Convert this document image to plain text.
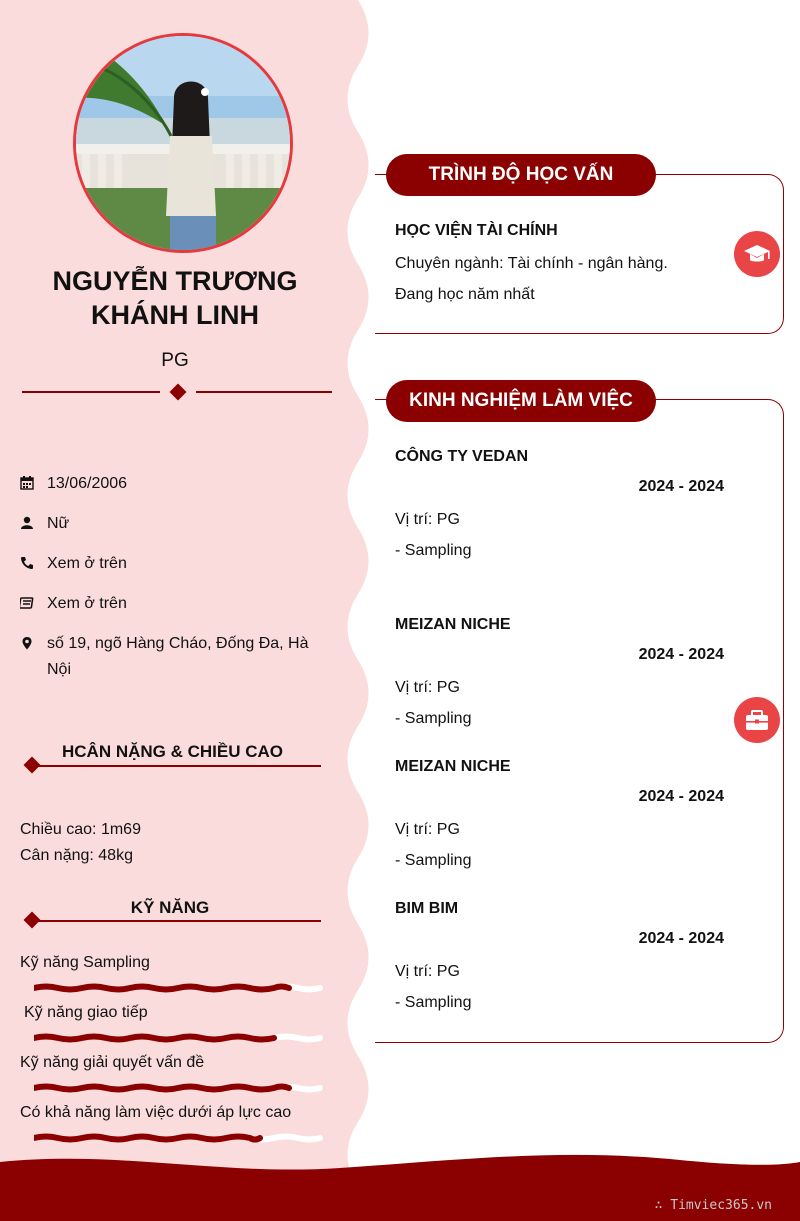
NGUYỄN TRƯƠNG
KHÁNH LINH
PG
13/06/2006
Nữ
Xem ở trên
Xem ở trên
số 19, ngõ Hàng Cháo, Đống Đa, Hà Nội
HCÂN NẶNG & CHIỀU CAO
Chiều cao: 1m69
Cân nặng: 48kg
KỸ NĂNG
Kỹ năng Sampling
Kỹ năng giao tiếp
Kỹ năng giải quyết vấn đề
Có khả năng làm việc dưới áp lực cao
TRÌNH ĐỘ HỌC VẤN
HỌC VIỆN TÀI CHÍNH
Chuyên ngành: Tài chính - ngân hàng.
Đang học năm nhất
KINH NGHIỆM LÀM VIỆC
CÔNG TY VEDAN
2024 - 2024
Vị trí: PG
- Sampling
MEIZAN NICHE
2024 - 2024
Vị trí: PG
- Sampling
MEIZAN NICHE
2024 - 2024
Vị trí: PG
- Sampling
BIM BIM
2024 - 2024
Vị trí: PG
- Sampling
∴ Timviec365.vn
